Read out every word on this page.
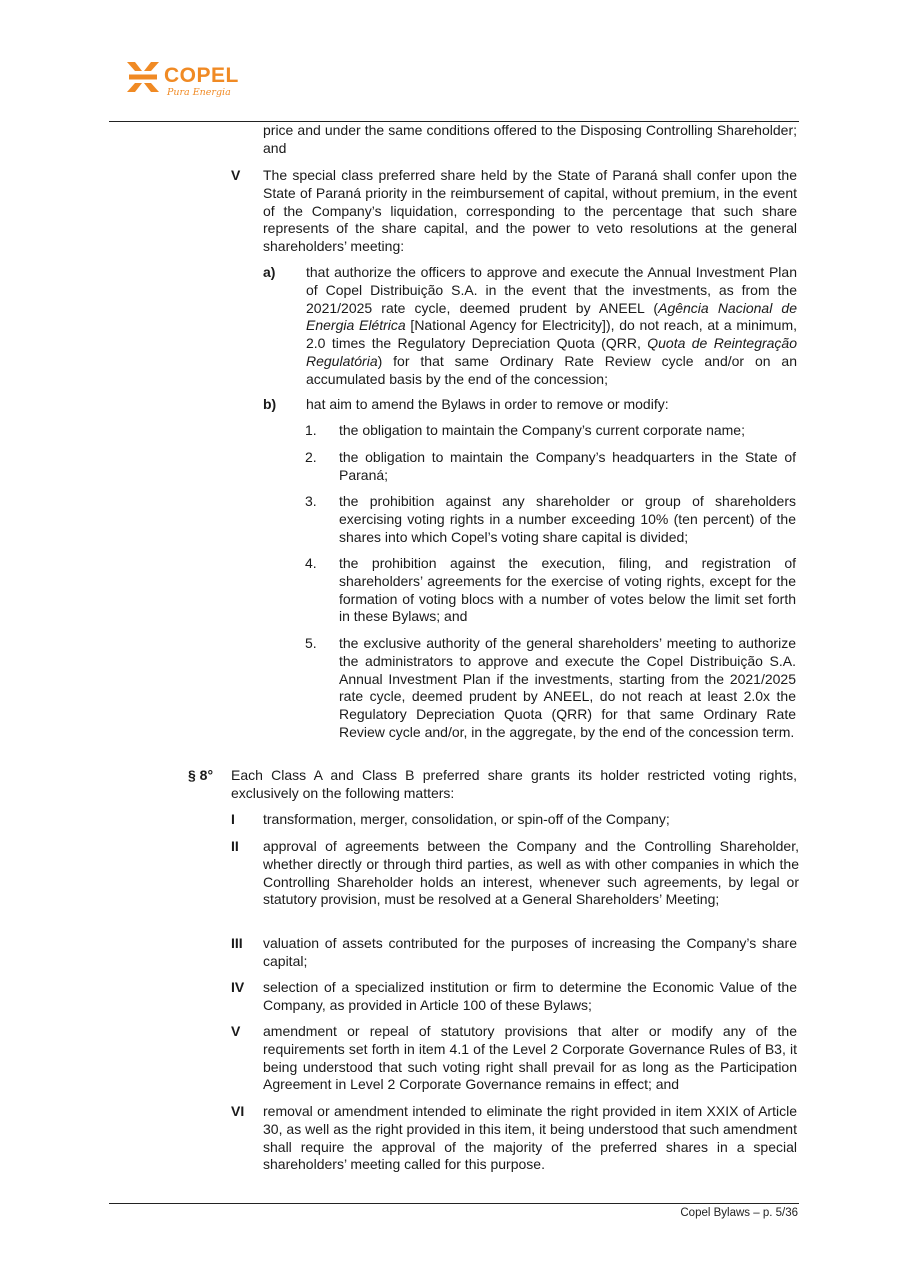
COPEL
Pura Energia
price and under the same conditions offered to the Disposing Controlling Shareholder; and
V The special class preferred share held by the State of Paraná shall confer upon the State of Paraná priority in the reimbursement of capital, without premium, in the event of the Company’s liquidation, corresponding to the percentage that such share represents of the share capital, and the power to veto resolutions at the general shareholders’ meeting:
a) that authorize the officers to approve and execute the Annual Investment Plan of Copel Distribuição S.A. in the event that the investments, as from the 2021/2025 rate cycle, deemed prudent by ANEEL (Agência Nacional de Energia Elétrica [National Agency for Electricity]), do not reach, at a minimum, 2.0 times the Regulatory Depreciation Quota (QRR, Quota de Reintegração Regulatória) for that same Ordinary Rate Review cycle and/or on an accumulated basis by the end of the concession;
b) hat aim to amend the Bylaws in order to remove or modify:
1. the obligation to maintain the Company’s current corporate name;
2. the obligation to maintain the Company’s headquarters in the State of Paraná;
3. the prohibition against any shareholder or group of shareholders exercising voting rights in a number exceeding 10% (ten percent) of the shares into which Copel’s voting share capital is divided;
4. the prohibition against the execution, filing, and registration of shareholders’ agreements for the exercise of voting rights, except for the formation of voting blocs with a number of votes below the limit set forth in these Bylaws; and
5. the exclusive authority of the general shareholders’ meeting to authorize the administrators to approve and execute the Copel Distribuição S.A. Annual Investment Plan if the investments, starting from the 2021/2025 rate cycle, deemed prudent by ANEEL, do not reach at least 2.0x the Regulatory Depreciation Quota (QRR) for that same Ordinary Rate Review cycle and/or, in the aggregate, by the end of the concession term.
§ 8° Each Class A and Class B preferred share grants its holder restricted voting rights, exclusively on the following matters:
I transformation, merger, consolidation, or spin-off of the Company;
II approval of agreements between the Company and the Controlling Shareholder, whether directly or through third parties, as well as with other companies in which the Controlling Shareholder holds an interest, whenever such agreements, by legal or statutory provision, must be resolved at a General Shareholders’ Meeting;
III valuation of assets contributed for the purposes of increasing the Company’s share capital;
IV selection of a specialized institution or firm to determine the Economic Value of the Company, as provided in Article 100 of these Bylaws;
V amendment or repeal of statutory provisions that alter or modify any of the requirements set forth in item 4.1 of the Level 2 Corporate Governance Rules of B3, it being understood that such voting right shall prevail for as long as the Participation Agreement in Level 2 Corporate Governance remains in effect; and
VI removal or amendment intended to eliminate the right provided in item XXIX of Article 30, as well as the right provided in this item, it being understood that such amendment shall require the approval of the majority of the preferred shares in a special shareholders’ meeting called for this purpose.
Copel Bylaws – p. 5/36
